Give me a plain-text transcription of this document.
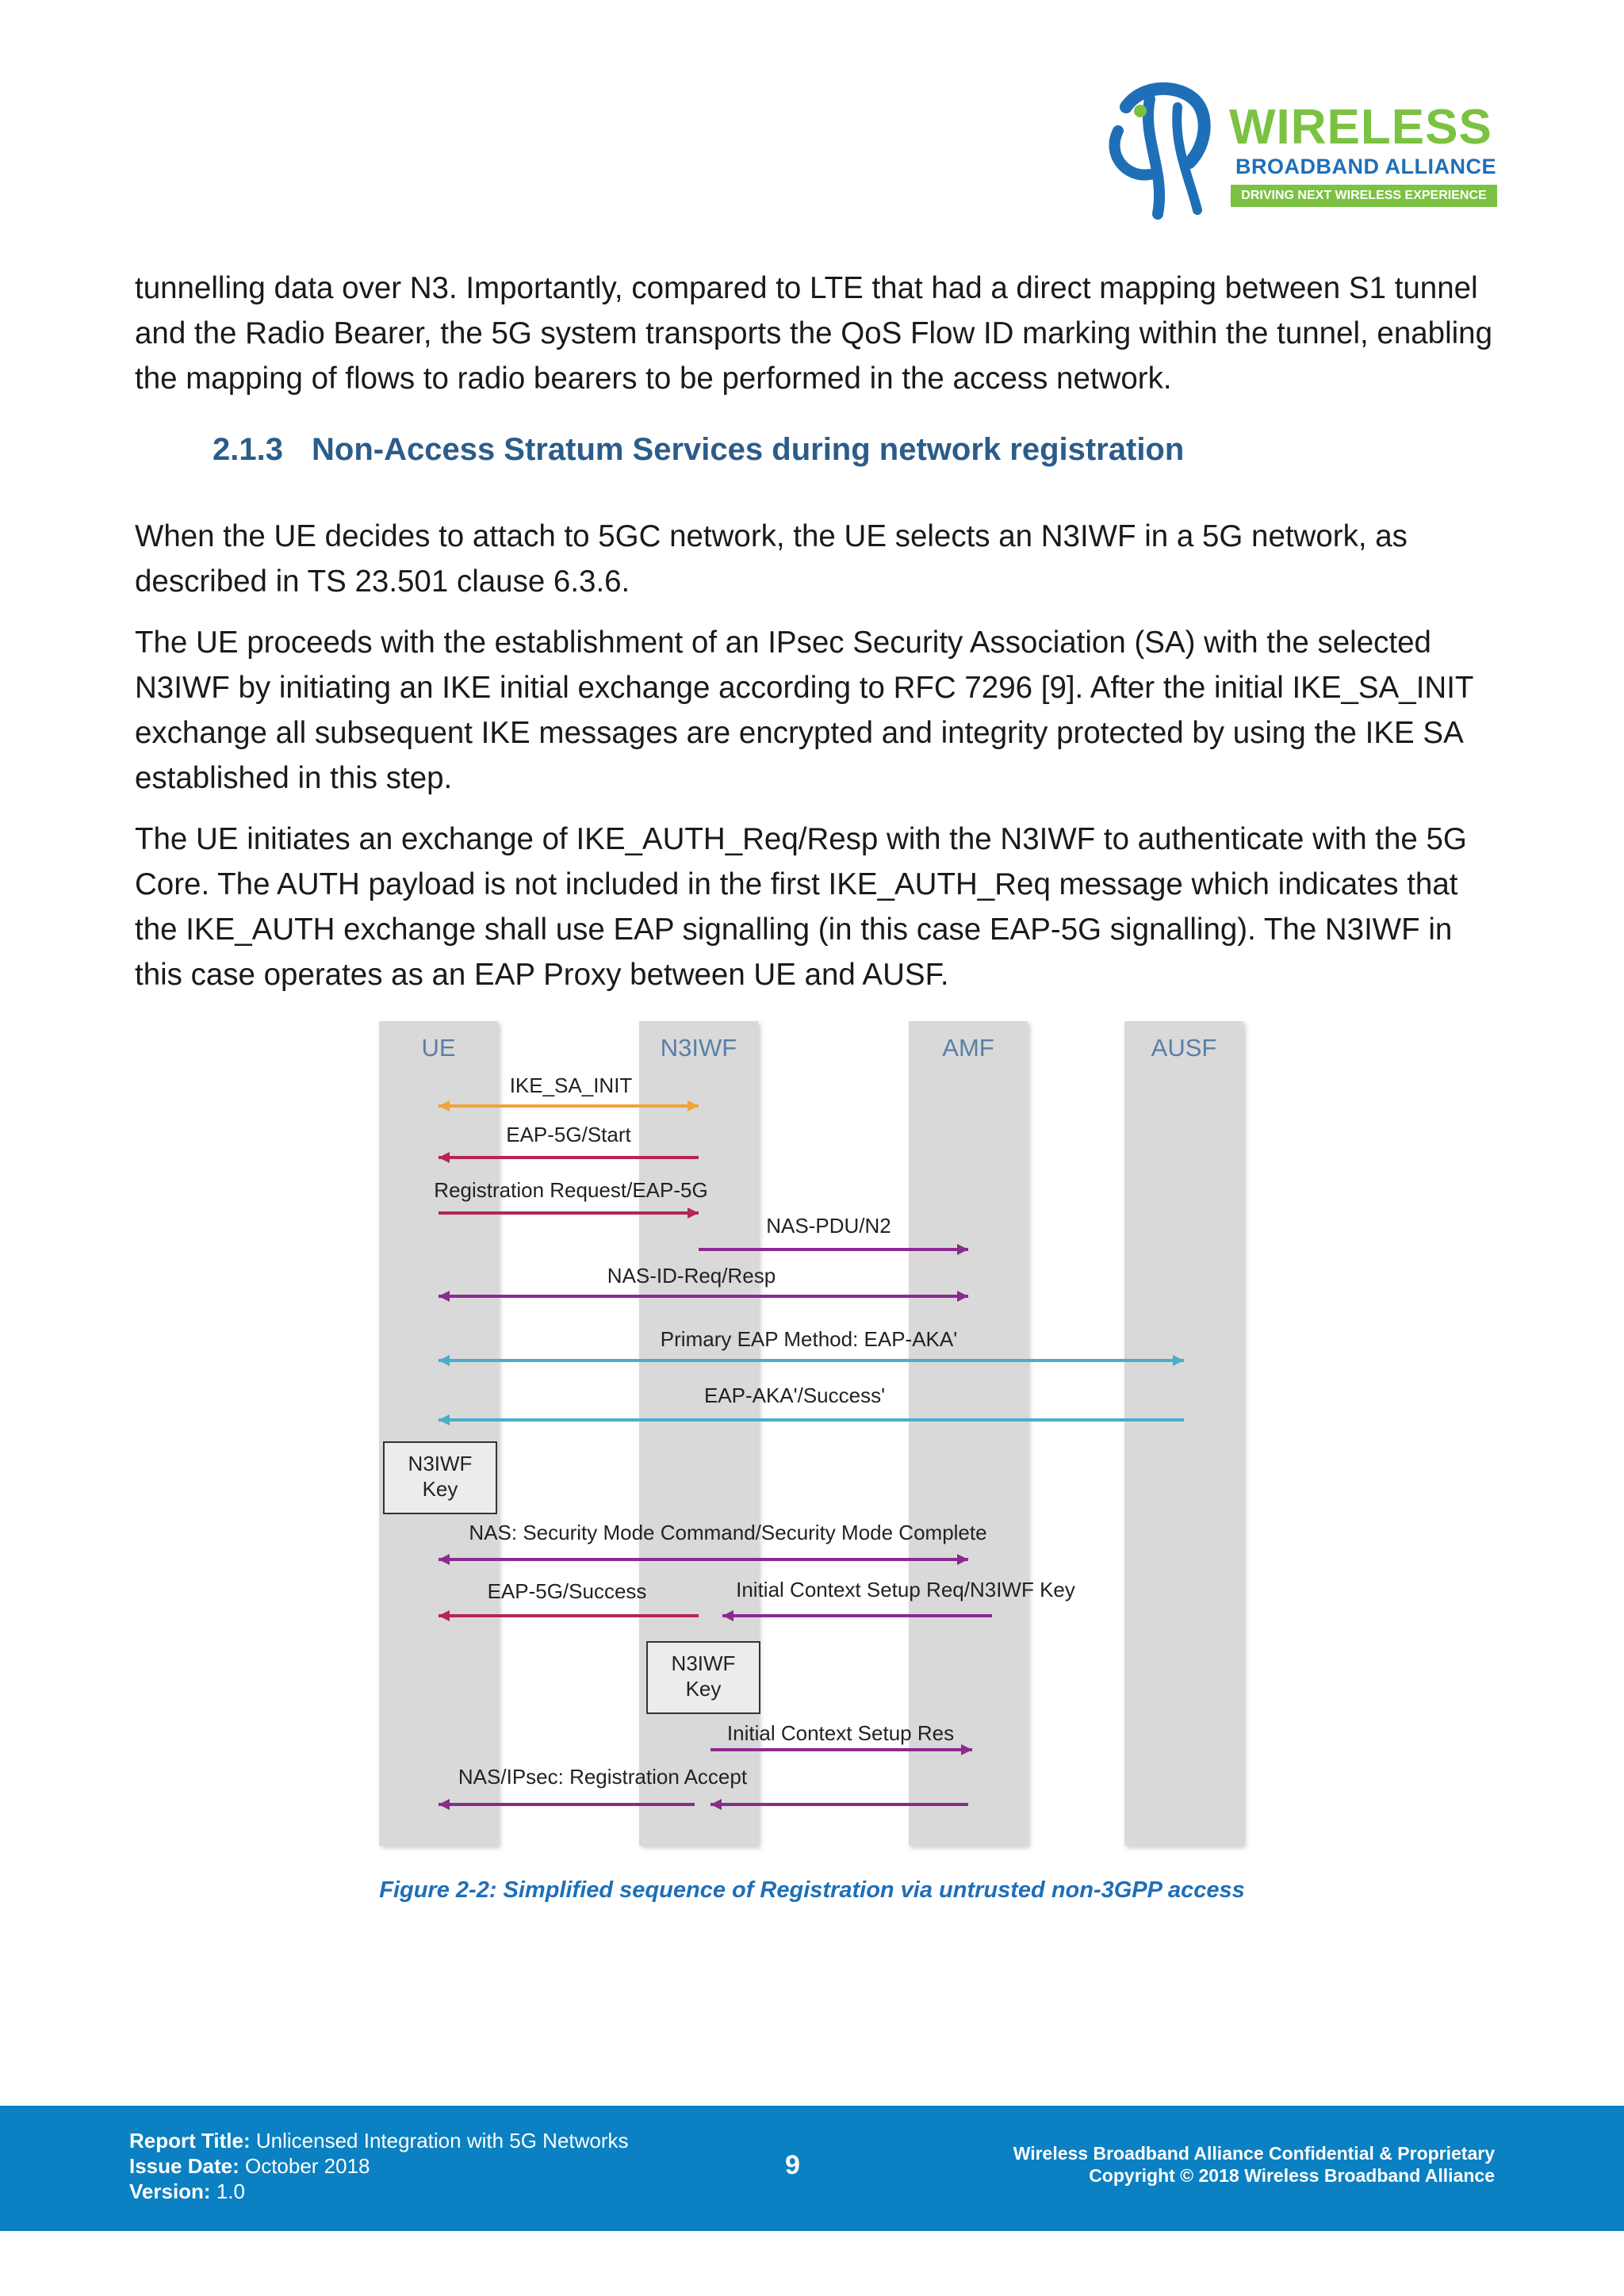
WIRELESS
BROADBAND ALLIANCE
DRIVING NEXT WIRELESS EXPERIENCE

tunnelling data over N3. Importantly, compared to LTE that had a direct mapping between S1 tunnel and the Radio Bearer, the 5G system transports the QoS Flow ID marking within the tunnel, enabling the mapping of flows to radio bearers to be performed in the access network.

2.1.3 Non-Access Stratum Services during network registration

When the UE decides to attach to 5GC network, the UE selects an N3IWF in a 5G network, as described in TS 23.501 clause 6.3.6.

The UE proceeds with the establishment of an IPsec Security Association (SA) with the selected N3IWF by initiating an IKE initial exchange according to RFC 7296 [9]. After the initial IKE_SA_INIT exchange all subsequent IKE messages are encrypted and integrity protected by using the IKE SA established in this step.

The UE initiates an exchange of IKE_AUTH_Req/Resp with the N3IWF to authenticate with the 5G Core. The AUTH payload is not included in the first IKE_AUTH_Req message which indicates that the IKE_AUTH exchange shall use EAP signalling (in this case EAP-5G signalling). The N3IWF in this case operates as an EAP Proxy between UE and AUSF.

UE	N3IWF	AMF	AUSF
IKE_SA_INIT
EAP-5G/Start
Registration Request/EAP-5G
NAS-PDU/N2
NAS-ID-Req/Resp
Primary EAP Method: EAP-AKA'
EAP-AKA'/Success'
NAS: Security Mode Command/Security Mode Complete
EAP-5G/Success	Initial Context Setup Req/N3IWF Key
Initial Context Setup Res
NAS/IPsec: Registration Accept
N3IWF
Key
N3IWF
Key
Figure 2-2: Simplified sequence of Registration via untrusted non-3GPP access
Report Title: Unlicensed Integration with 5G Networks
Issue Date: October 2018
Version: 1.0
9	Wireless Broadband Alliance Confidential & Proprietary
Copyright © 2018 Wireless Broadband Alliance
